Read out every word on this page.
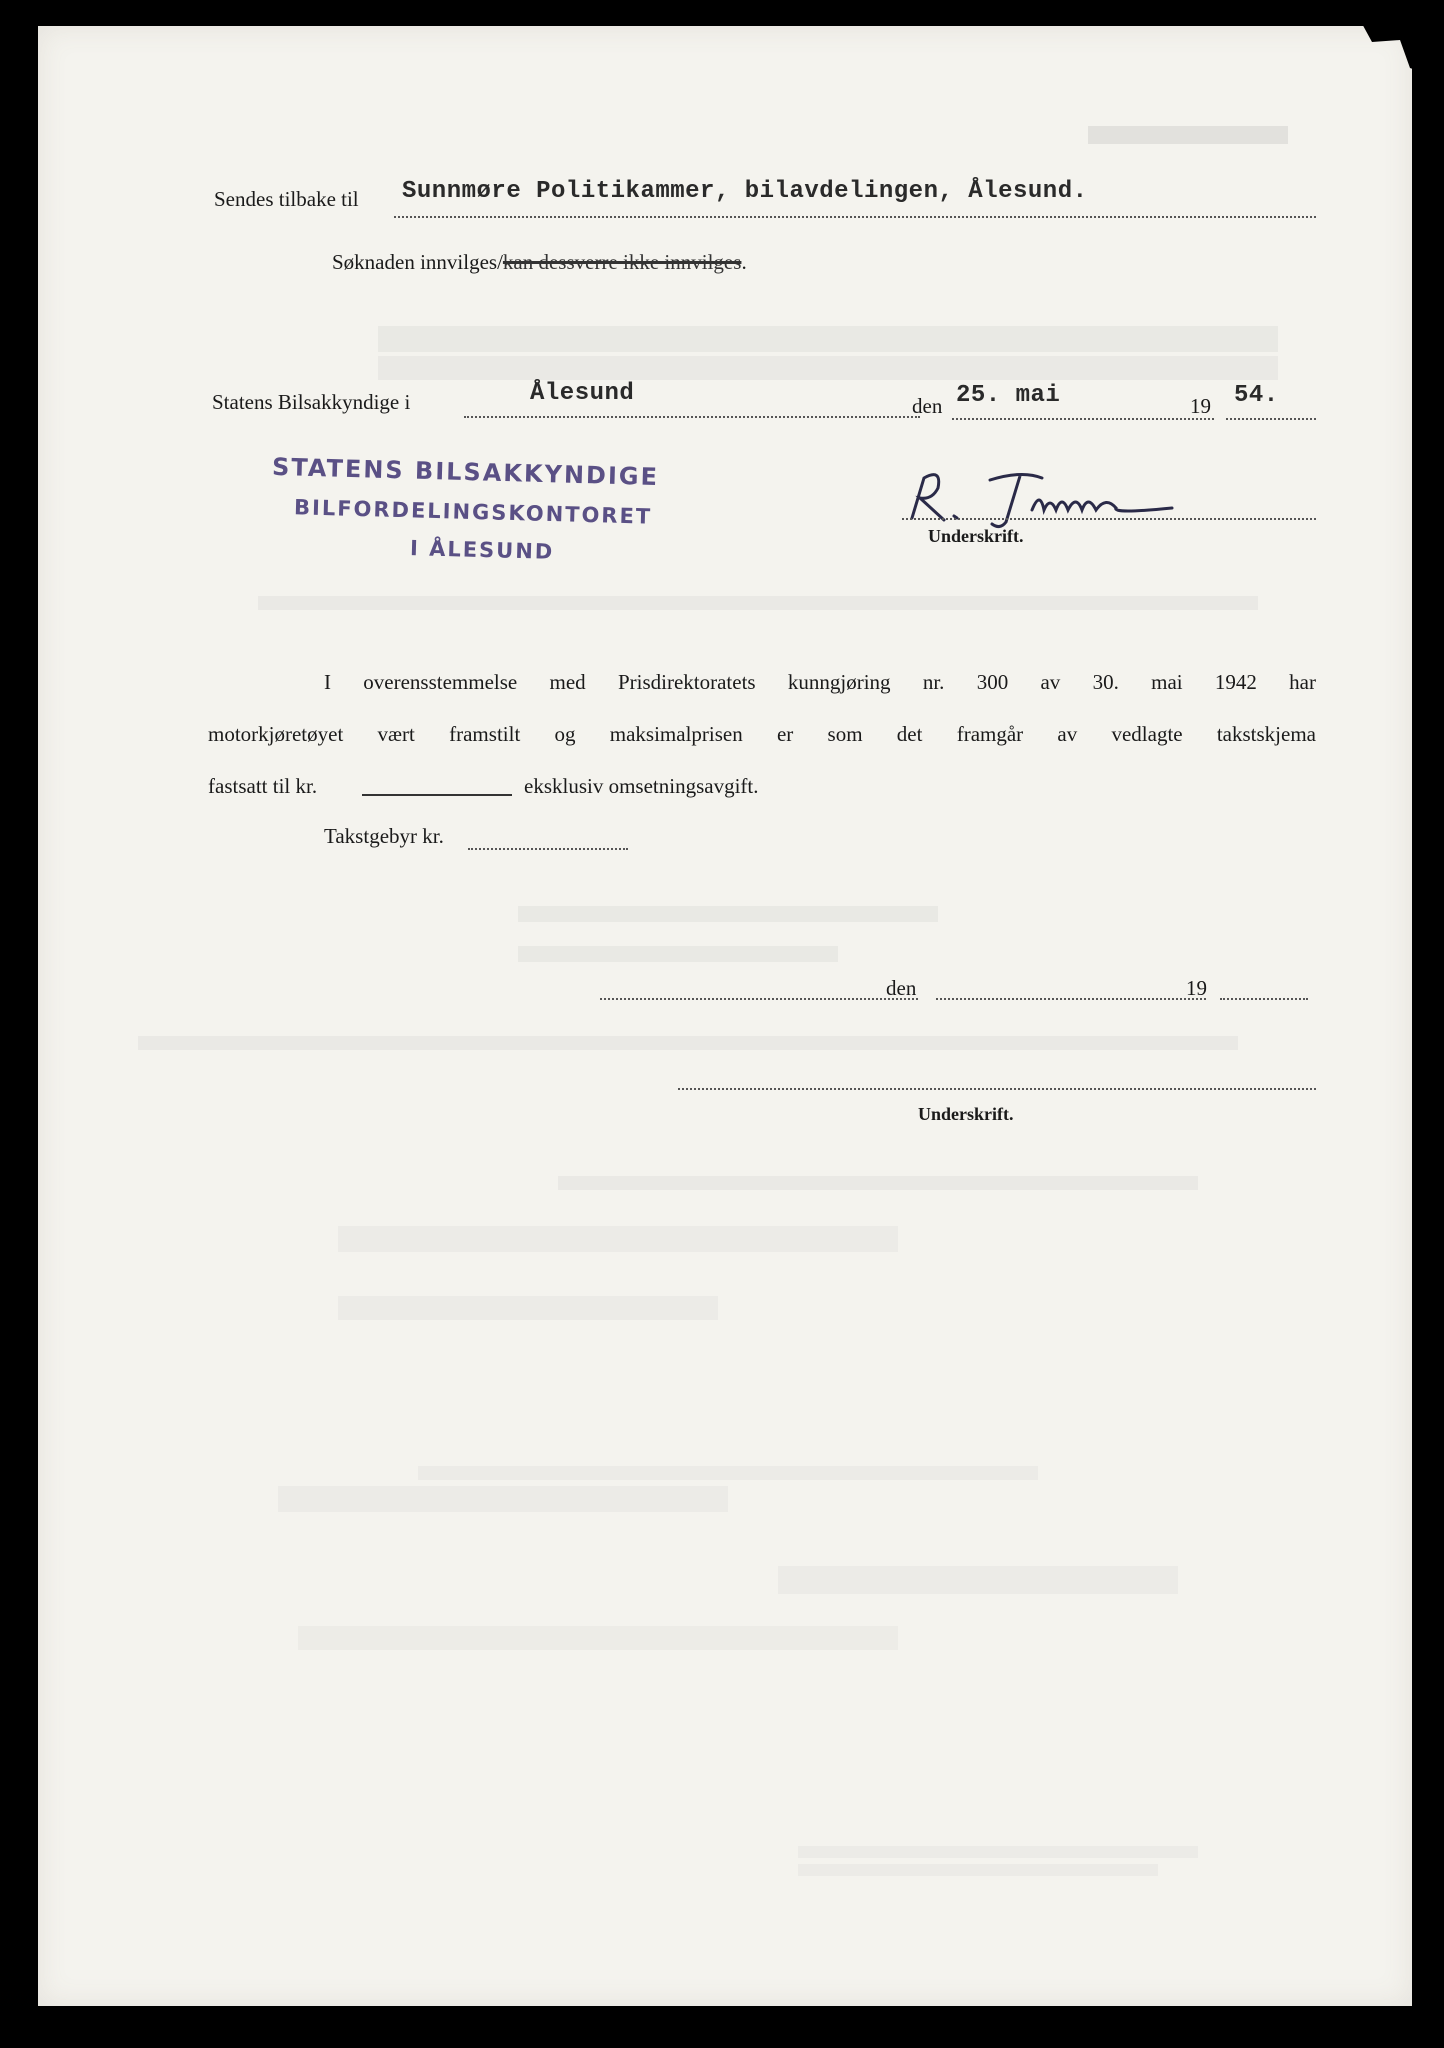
Sendes tilbake til Sunnmøre Politikammer, bilavdelingen, Ålesund.
Søknaden innvilges/kan dessverre ikke innvilges.
Statens Bilsakkyndige i	Ålesund	den 25. mai	19 54.
STATENS BILSAKKYNDIGE
BILFORDELINGSKONTORET
I ÅLESUND
Underskrift.
I overensstemmelse med Prisdirektoratets kunngjøring nr. 300 av 30. mai 1942 har
motorkjøretøyet vært framstilt og maksimalprisen er som det framgår av vedlagte takstskjema
fastsatt til kr.	eksklusiv omsetningsavgift.
Takstgebyr kr.
den	19
Underskrift.
